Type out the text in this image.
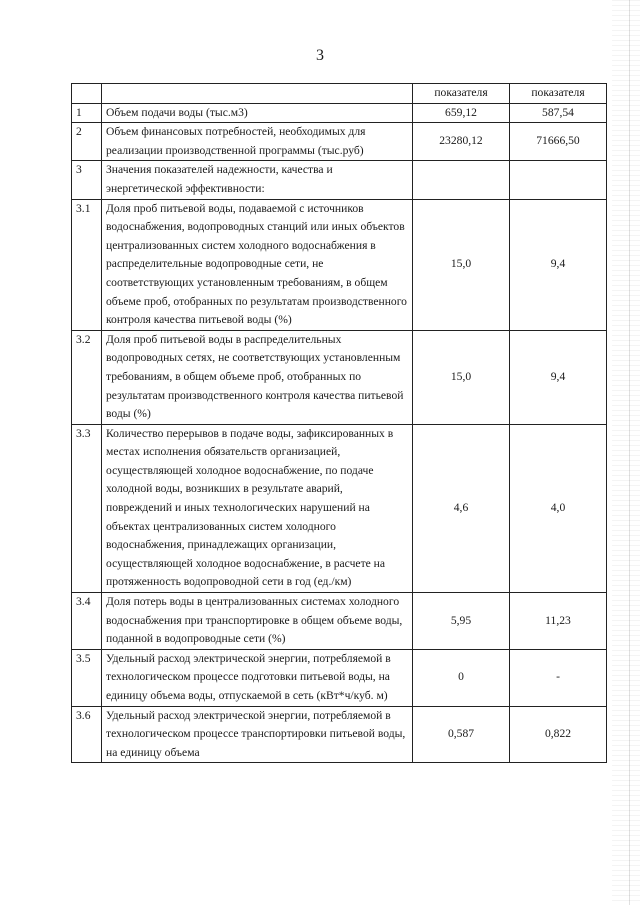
3
		показателя	показателя
1	Объем подачи воды (тыс.м3)	659,12	587,54
2	Объем финансовых потребностей, необходимых для реализации производственной программы (тыс.руб)	23280,12	71666,50
3	Значения показателей надежности, качества и энергетической эффективности:		
3.1	Доля проб питьевой воды, подаваемой с источников водоснабжения, водопроводных станций или иных объектов централизованных систем холодного водоснабжения в распределительные водопроводные сети, не соответствующих установленным требованиям, в общем объеме проб, отобранных по результатам производственного контроля качества питьевой воды (%)	15,0	9,4
3.2	Доля проб питьевой воды в распределительных водопроводных сетях, не соответствующих установленным требованиям, в общем объеме проб, отобранных по результатам производственного контроля качества питьевой воды (%)	15,0	9,4
3.3	Количество перерывов в подаче воды, зафиксированных в местах исполнения обязательств организацией, осуществляющей холодное водоснабжение, по подаче холодной воды, возникших в результате аварий, повреждений и иных технологических нарушений на объектах централизованных систем холодного водоснабжения, принадлежащих организации, осуществляющей холодное водоснабжение, в расчете на протяженность водопроводной сети в год (ед./км)	4,6	4,0
3.4	Доля потерь воды в централизованных системах холодного водоснабжения при транспортировке в общем объеме воды, поданной в водопроводные сети (%)	5,95	11,23
3.5	Удельный расход электрической энергии, потребляемой в технологическом процессе подготовки питьевой воды, на единицу объема воды, отпускаемой в сеть (кВт*ч/куб. м)	0	-
3.6	Удельный расход электрической энергии, потребляемой в технологическом процессе транспортировки питьевой воды, на единицу объема	0,587	0,822
